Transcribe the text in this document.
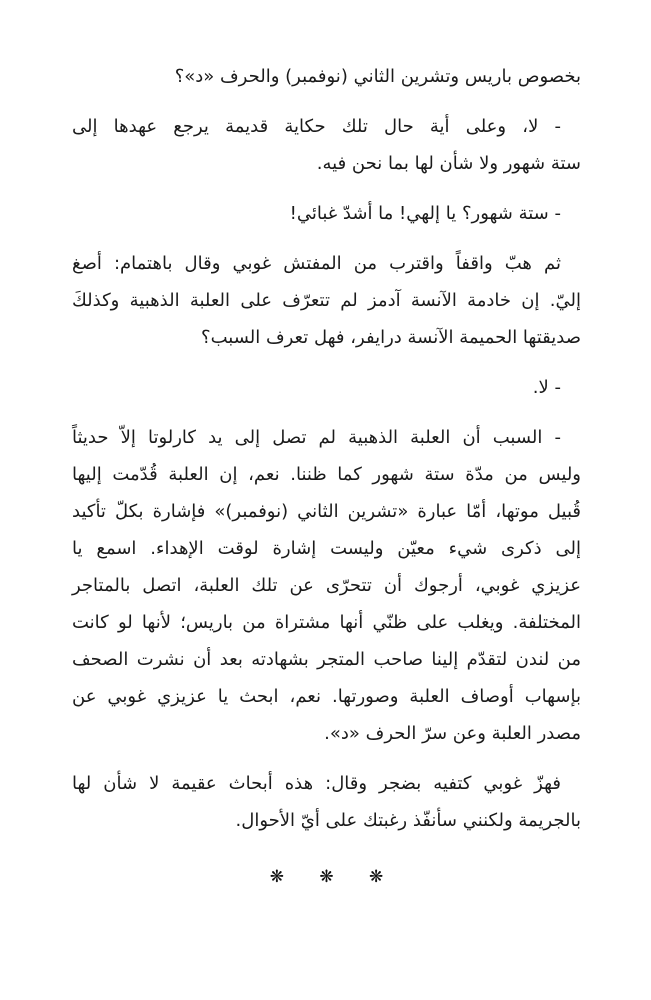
بخصوص باريس وتشرين الثاني (نوفمبر) والحرف «د»؟
- لا، وعلى أية حال تلك حكاية قديمة يرجع عهدها إلى
ستة شهور ولا شأن لها بما نحن فيه.
- ستة شهور؟ يا إلهي! ما أشدّ غبائي!
ثم هبّ واقفاً واقترب من المفتش غوبي وقال باهتمام: أصغ
إليّ. إن خادمة الآنسة آدمز لم تتعرّف على العلبة الذهبية وكذلكَ
صديقتها الحميمة الآنسة درايفر، فهل تعرف السبب؟
- لا.
- السبب أن العلبة الذهبية لم تصل إلى يد كارلوتا إلاّ حديثاً
وليس من مدّة ستة شهور كما ظننا. نعم، إن العلبة قُدّمت إليها
قُبيل موتها، أمّا عبارة «تشرين الثاني (نوفمبر)» فإشارة بكلّ تأكيد
إلى ذكرى شيء معيّن وليست إشارة لوقت الإهداء. اسمع يا
عزيزي غوبي، أرجوك أن تتحرّى عن تلك العلبة، اتصل بالمتاجر
المختلفة. ويغلب على ظنّي أنها مشتراة من باريس؛ لأنها لو كانت
من لندن لتقدّم إلينا صاحب المتجر بشهادته بعد أن نشرت الصحف
بإسهاب أوصاف العلبة وصورتها. نعم، ابحث يا عزيزي غوبي عن
مصدر العلبة وعن سرّ الحرف «د».
فهزّ غوبي كتفيه بضجر وقال: هذه أبحاث عقيمة لا شأن لها
بالجريمة ولكنني سأنفّذ رغبتك على أيّ الأحوال.
❋ ❋ ❋
